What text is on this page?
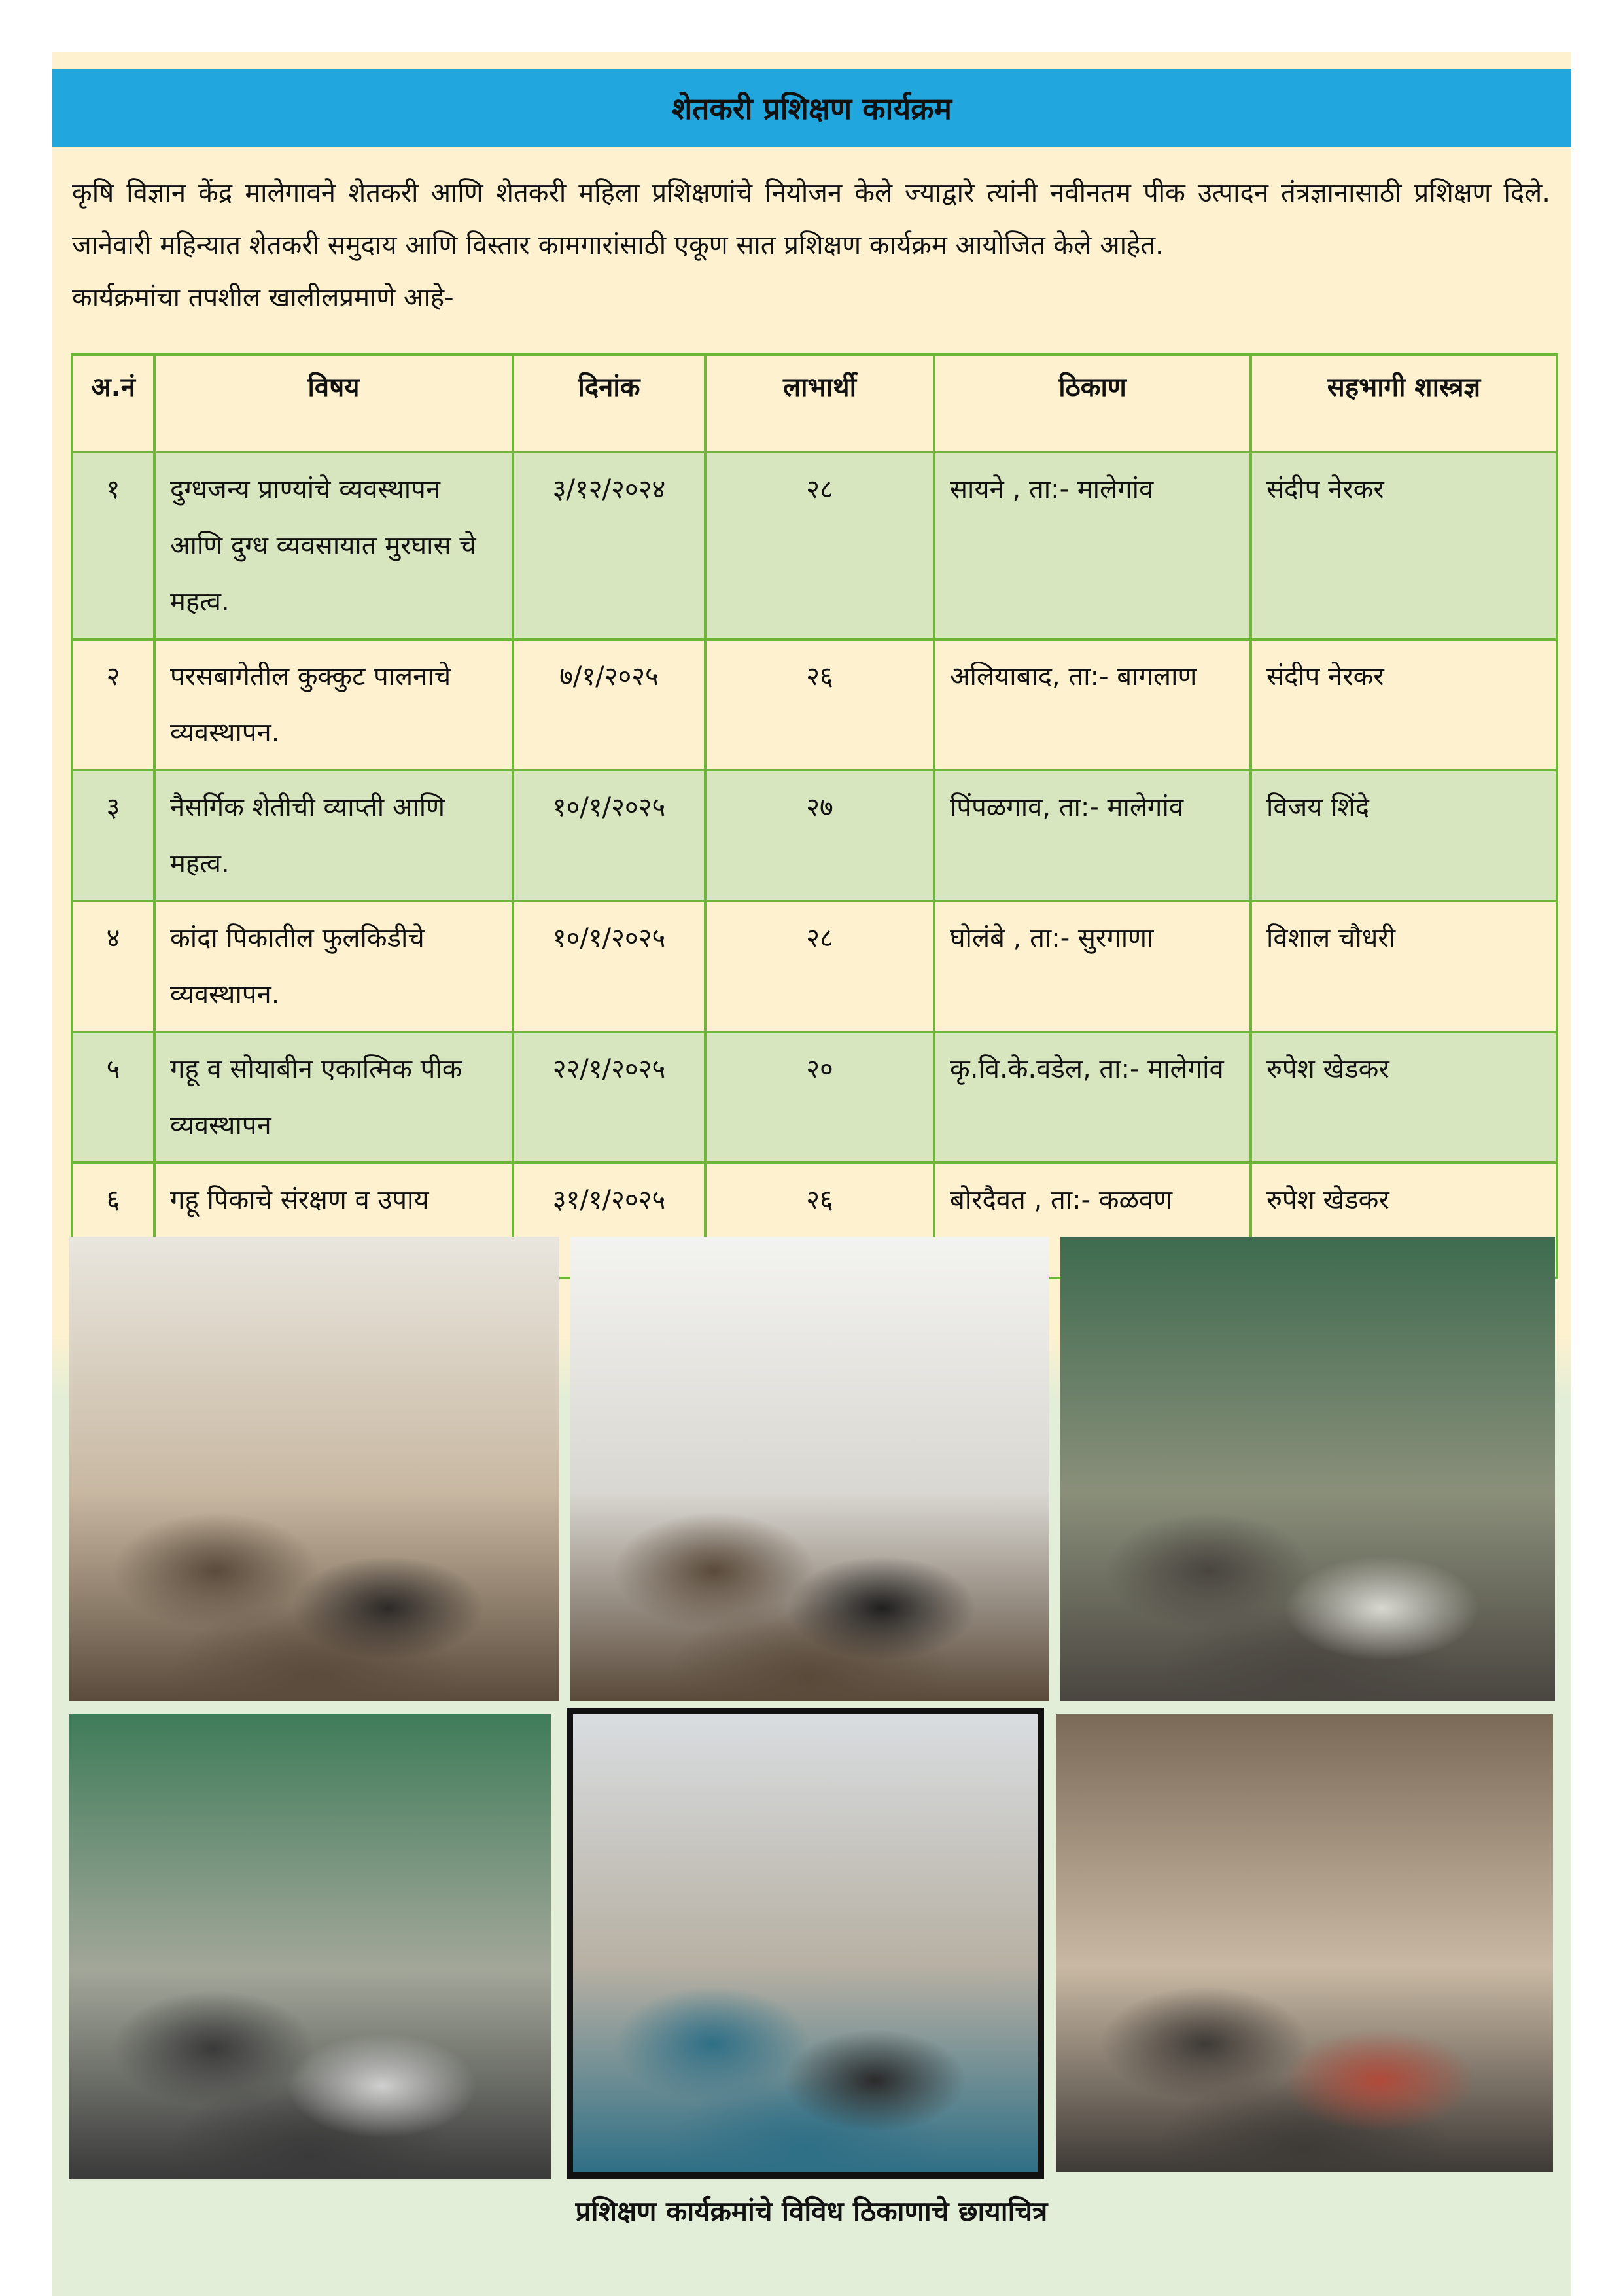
शेतकरी प्रशिक्षण कार्यक्रम
कृषि विज्ञान केंद्र मालेगावने शेतकरी आणि शेतकरी महिला प्रशिक्षणांचे नियोजन केले ज्याद्वारे त्यांनी नवीनतम पीक उत्पादन तंत्रज्ञानासाठी प्रशिक्षण दिले. जानेवारी महिन्यात शेतकरी समुदाय आणि विस्तार कामगारांसाठी एकूण सात प्रशिक्षण कार्यक्रम आयोजित केले आहेत.
कार्यक्रमांचा तपशील खालीलप्रमाणे आहे-
अ.नं	विषय	दिनांक	लाभार्थी	ठिकाण	सहभागी शास्त्रज्ञ
१	दुग्धजन्य प्राण्यांचे व्यवस्थापन आणि दुग्ध व्यवसायात मुरघास चे महत्व.	३/१२/२०२४	२८	सायने , ता:- मालेगांव	संदीप नेरकर
२	परसबागेतील कुक्कुट पालनाचे व्यवस्थापन.	७/१/२०२५	२६	अलियाबाद, ता:- बागलाण	संदीप नेरकर
३	नैसर्गिक शेतीची व्याप्ती आणि महत्व.	१०/१/२०२५	२७	पिंपळगाव, ता:- मालेगांव	विजय शिंदे
४	कांदा पिकातील फुलकिडीचे व्यवस्थापन.	१०/१/२०२५	२८	घोलंबे , ता:- सुरगाणा	विशाल चौधरी
५	गहू व सोयाबीन एकात्मिक पीक व्यवस्थापन	२२/१/२०२५	२०	कृ.वि.के.वडेल, ता:- मालेगांव	रुपेश खेडकर
६	गहू पिकाचे संरक्षण व उपाय	३१/१/२०२५	२६	बोरदैवत , ता:- कळवण	रुपेश खेडकर
प्रशिक्षण कार्यक्रमांचे विविध ठिकाणाचे छायाचित्र
